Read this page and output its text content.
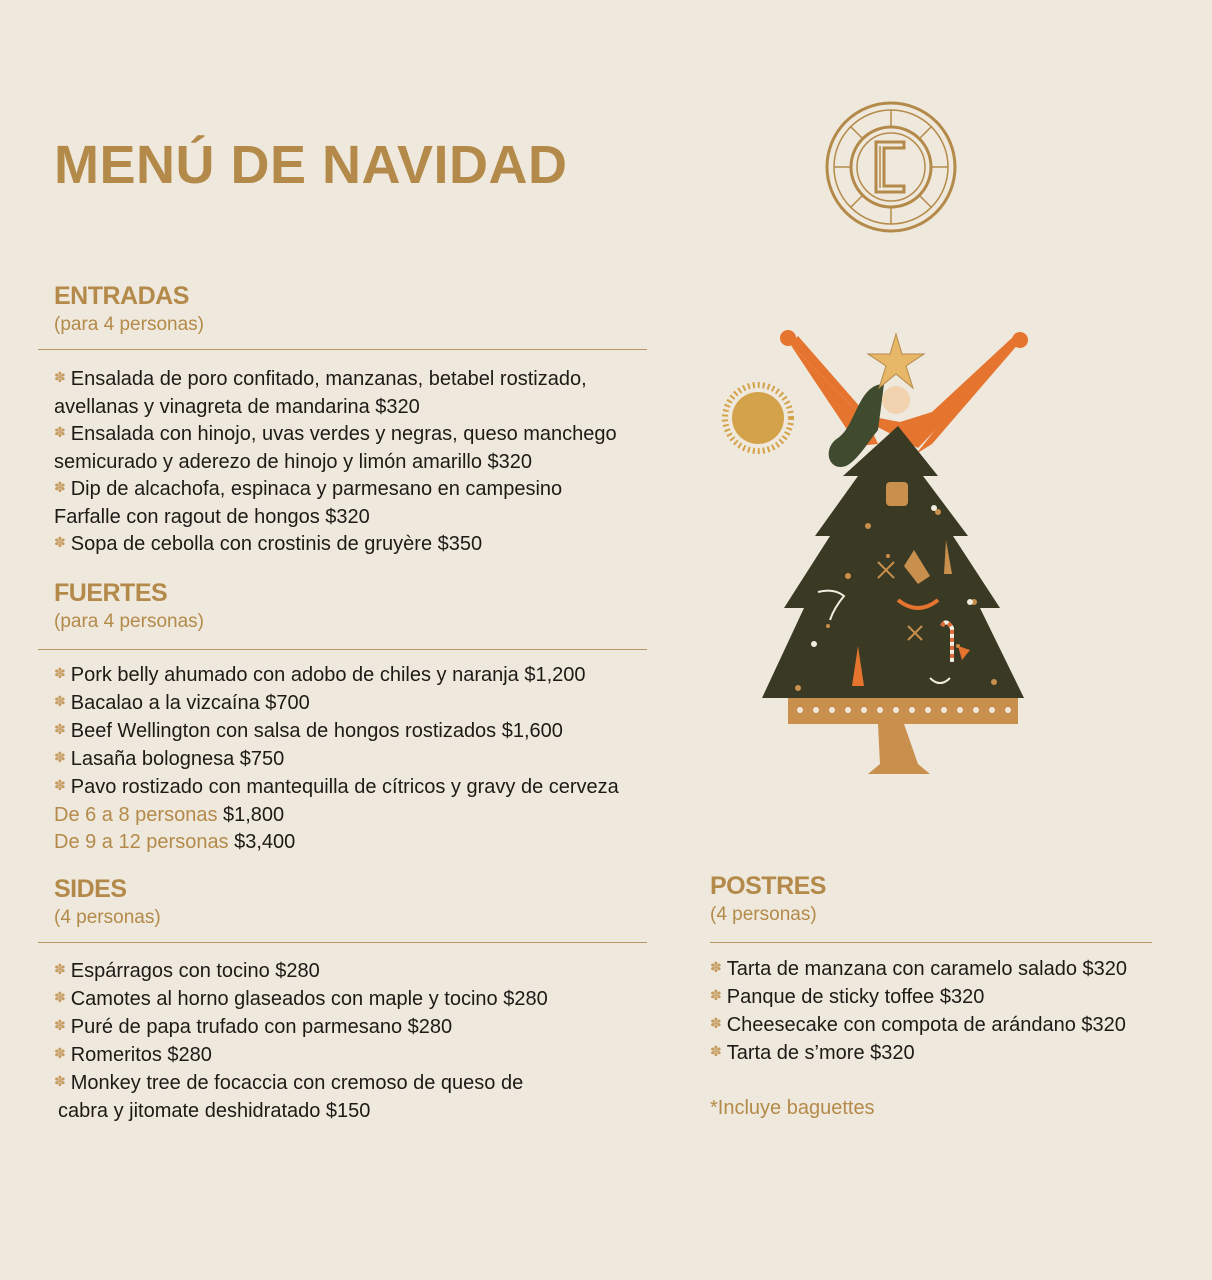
MENÚ DE NAVIDAD
ENTRADAS
(para 4 personas)
✽ Ensalada de poro confitado, manzanas, betabel rostizado,
avellanas y vinagreta de mandarina $320
✽ Ensalada con hinojo, uvas verdes y negras, queso manchego
semicurado y aderezo de hinojo y limón amarillo $320
✽ Dip de alcachofa, espinaca y parmesano en campesino
Farfalle con ragout de hongos $320
✽ Sopa de cebolla con crostinis de gruyère $350
FUERTES
(para 4 personas)
✽ Pork belly ahumado con adobo de chiles y naranja $1,200
✽ Bacalao a la vizcaína $700
✽ Beef Wellington con salsa de hongos rostizados $1,600
✽ Lasaña bolognesa $750
✽ Pavo rostizado con mantequilla de cítricos y gravy de cerveza
De 6 a 8 personas $1,800
De 9 a 12 personas $3,400
SIDES
(4 personas)
✽ Espárragos con tocino $280
✽ Camotes al horno glaseados con maple y tocino $280
✽ Puré de papa trufado con parmesano $280
✽ Romeritos $280
✽ Monkey tree de focaccia con cremoso de queso de
cabra y jitomate deshidratado $150
POSTRES
(4 personas)
✽ Tarta de manzana con caramelo salado $320
✽ Panque de sticky toffee $320
✽ Cheesecake con compota de arándano $320
✽ Tarta de s’more $320
*Incluye baguettes
